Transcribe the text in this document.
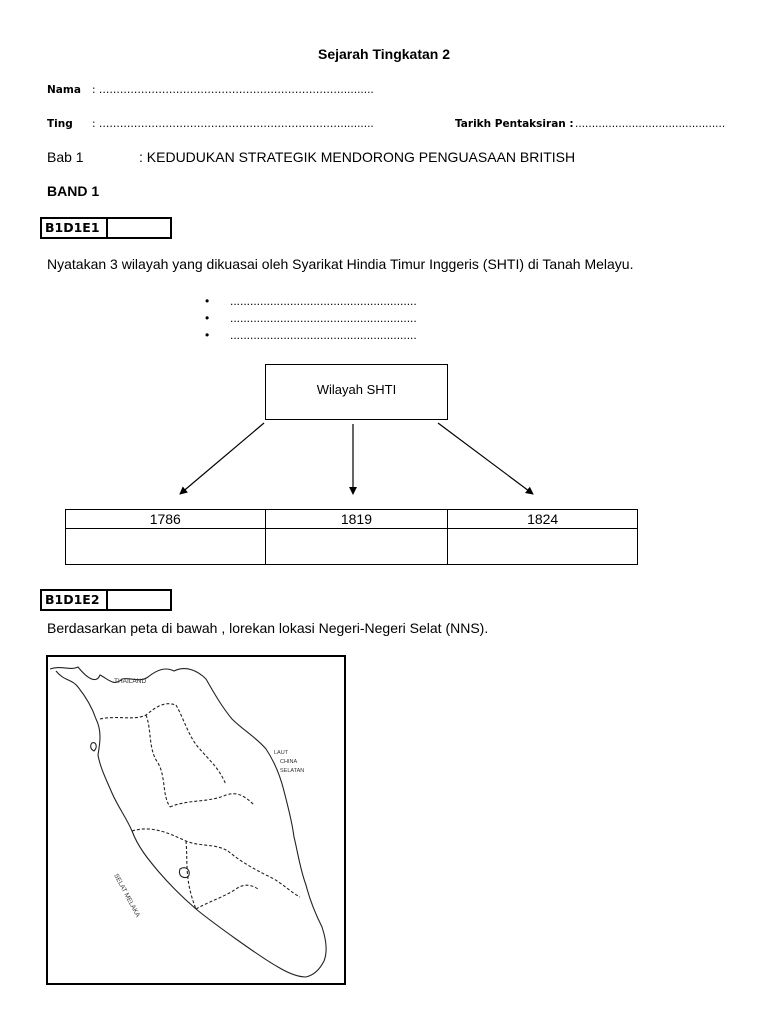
Sejarah Tingkatan 2
Nama : ……………………………………………………………..........
Ting : ……………………………………………………………..........	Tarikh Pentaksiran : .............................................
Bab 1	: KEDUDUKAN STRATEGIK MENDORONG PENGUASAAN BRITISH
BAND 1
B1D1E1
Nyatakan 3 wilayah yang dikuasai oleh Syarikat Hindia Timur Inggeris (SHTI) di Tanah Melayu.
• ........................................................
• ........................................................
• ........................................................
Wilayah SHTI
1786	1819	1824

B1D1E2
Berdasarkan peta di bawah , lorekan lokasi Negeri-Negeri Selat (NNS).
THAILAND
LAUT
CHINA
SELATAN
SELAT MELAKA
